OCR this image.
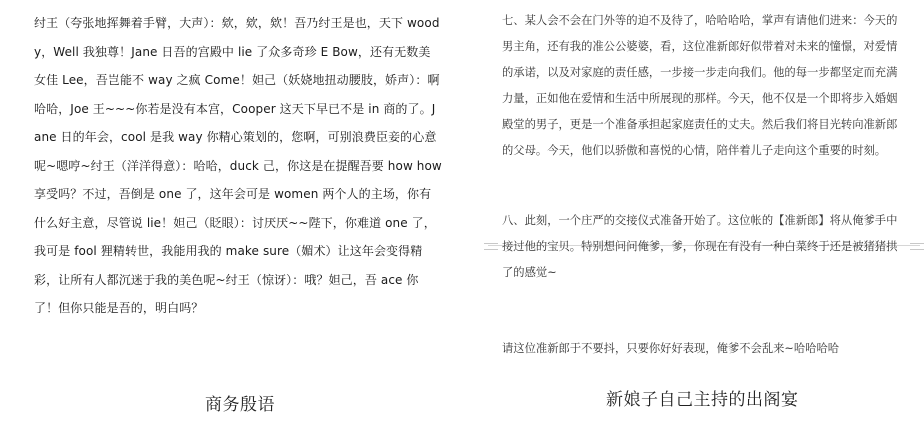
纣王（夸张地挥舞着手臂，大声）：欸，欸，欸！吾乃纣王是也，天下 woody，Well 我独尊！Jane 日吾的宫殿中 lie 了众多奇珍 E Bow，还有无数美女佳 Lee，吾岂能不 way 之疯 Come！妲己（妖娆地扭动腰肢，娇声）：啊哈哈，Joe 王~~~你若是没有本宫，Cooper 这天下早已不是 in 商的了。Jane 日的年会，cool 是我 way 你精心策划的，您啊，可别浪费臣妾的心意呢~嗯哼~纣王（洋洋得意）：哈哈，duck 己，你这是在提醒吾要 how how 享受吗？不过，吾倒是 one 了，这年会可是 women 两个人的主场，你有什么好主意，尽管说 lie！妲己（眨眼）：讨厌厌~~陛下，你难道 one 了，我可是 fool 狸精转世，我能用我的 make sure（媚术）让这年会变得精彩，让所有人都沉迷于我的美色呢~纣王（惊讶）：哦？妲己，吾 ace 你了！但你只能是吾的，明白吗？
商务殷语
七、某人会不会在门外等的迫不及待了，哈哈哈哈，掌声有请他们进来：今天的男主角，还有我的准公公婆婆，看，这位准新郎好似带着对未来的憧憬，对爱情的承诺，以及对家庭的责任感，一步接一步走向我们。他的每一步都坚定而充满力量，正如他在爱情和生活中所展现的那样。今天，他不仅是一个即将步入婚姻殿堂的男子，更是一个准备承担起家庭责任的丈夫。然后我们将目光转向准新郎的父母。今天，他们以骄傲和喜悦的心情，陪伴着儿子走向这个重要的时刻。
八、此刻，一个庄严的交接仪式准备开始了。这位帐的【准新郎】将从俺爹手中接过他的宝贝。特别想问问俺爹，爹，你现在有没有一种白菜终于还是被猪猪拱了的感觉~
请这位准新郎于不要抖，只要你好好表现，俺爹不会乱来~哈哈哈哈
新娘子自己主持的出阁宴
